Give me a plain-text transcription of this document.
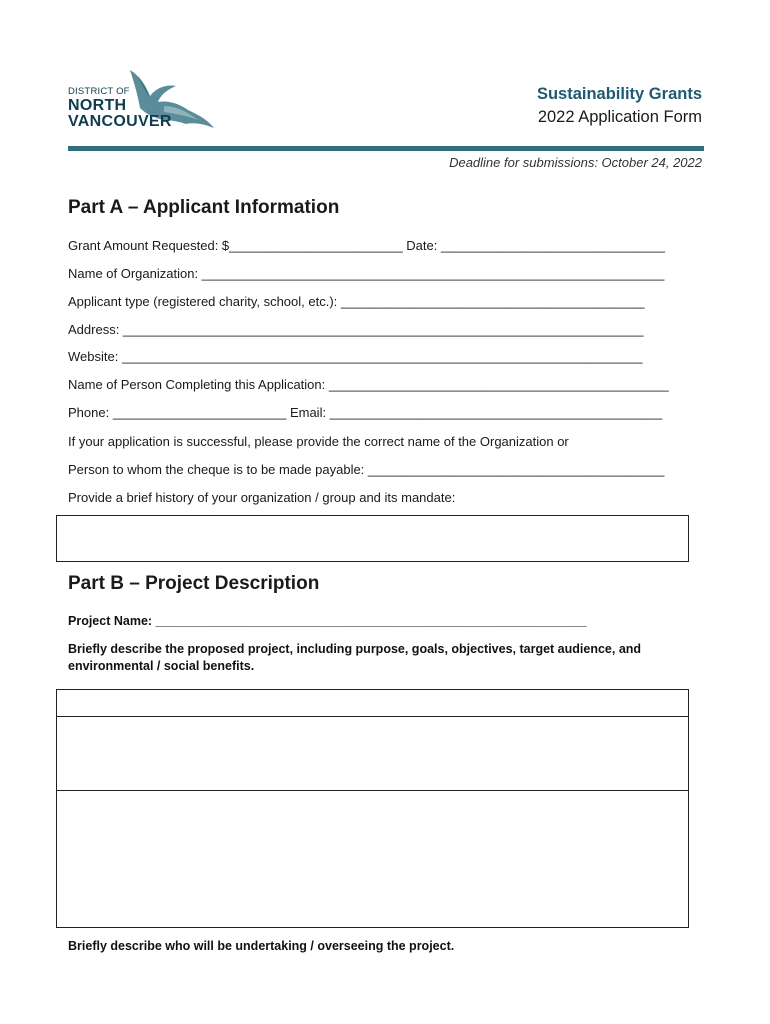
DISTRICT OF
NORTH
VANCOUVER
Sustainability Grants
2022 Application Form
Deadline for submissions: October 24, 2022
Part A – Applicant Information
Grant Amount Requested: $________________________ Date: _______________________________
Name of Organization: ________________________________________________________________
Applicant type (registered charity, school, etc.): __________________________________________
Address: ________________________________________________________________________
Website: ________________________________________________________________________
Name of Person Completing this Application: _______________________________________________
Phone: ________________________ Email: ______________________________________________
If your application is successful, please provide the correct name of the Organization or
Person to whom the cheque is to be made payable: _________________________________________
Provide a brief history of your organization / group and its mandate:
Part B – Project Description
Project Name: ______________________________________________________________
Briefly describe the proposed project, including purpose, goals, objectives, target audience, and environmental / social benefits.
Briefly describe who will be undertaking / overseeing the project.
